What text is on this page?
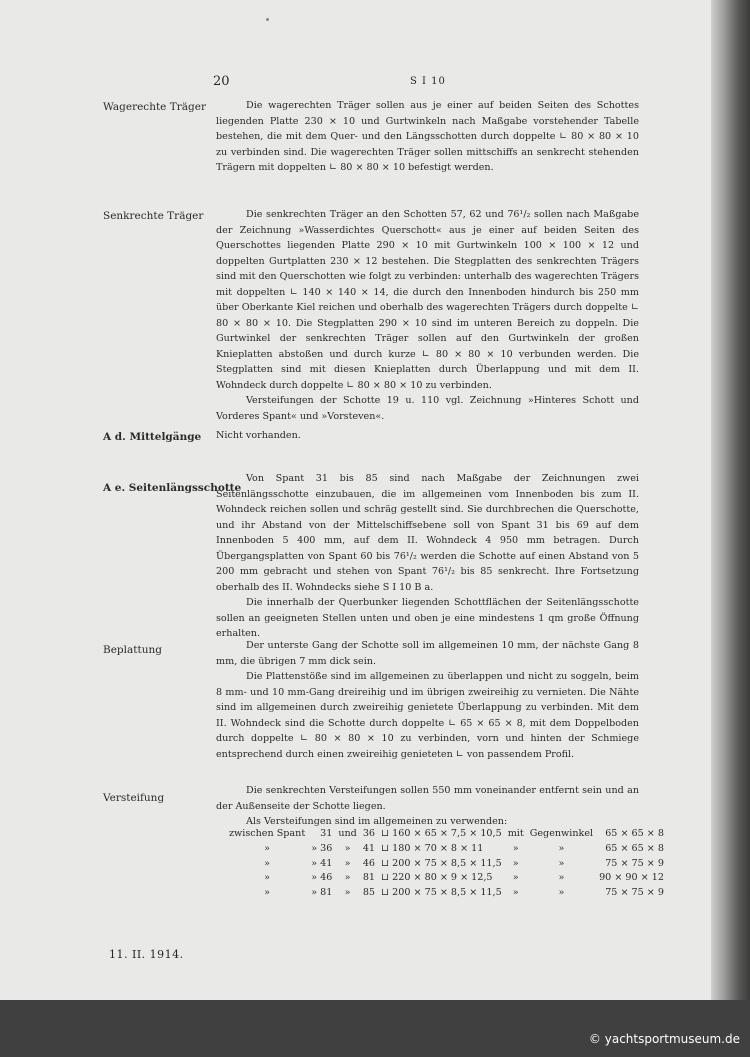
20	S I 10
Wagerechte Träger	Die wagerechten Träger sollen aus je einer auf beiden Seiten des Schottes liegenden Platte 230 × 10 und Gurtwinkeln nach Maßgabe vorstehender Tabelle bestehen, die mit dem Quer- und den Längsschotten durch doppelte ∟ 80 × 80 × 10 zu verbinden sind. Die wagerechten Träger sollen mittschiffs an senkrecht stehenden Trägern mit doppelten ∟ 80 × 80 × 10 befestigt werden.

Senkrechte Träger	Die senkrechten Träger an den Schotten 57, 62 und 76¹/₂ sollen nach Maßgabe der Zeichnung »Wasserdichtes Querschott« aus je einer auf beiden Seiten des Querschottes liegenden Platte 290 × 10 mit Gurtwinkeln 100 × 100 × 12 und doppelten Gurtplatten 230 × 12 bestehen. Die Stegplatten des senkrechten Trägers sind mit den Querschotten wie folgt zu verbinden: unterhalb des wagerechten Trägers mit doppelten ∟ 140 × 140 × 14, die durch den Innenboden hindurch bis 250 mm über Oberkante Kiel reichen und oberhalb des wagerechten Trägers durch doppelte ∟ 80 × 80 × 10. Die Stegplatten 290 × 10 sind im unteren Bereich zu doppeln. Die Gurtwinkel der senkrechten Träger sollen auf den Gurtwinkeln der großen Knieplatten abstoßen und durch kurze ∟ 80 × 80 × 10 verbunden werden. Die Stegplatten sind mit diesen Knieplatten durch Überlappung und mit dem II. Wohndeck durch doppelte ∟ 80 × 80 × 10 zu verbinden.

Versteifungen der Schotte 19 u. 110 vgl. Zeichnung »Hinteres Schott und Vorderes Spant« und »Vorsteven«.

A d. Mittelgänge Nicht vorhanden.

A e. Seitenlängsschotte

Von Spant 31 bis 85 sind nach Maßgabe der Zeichnungen zwei Seitenlängsschotte einzubauen, die im allgemeinen vom Innenboden bis zum II. Wohndeck reichen sollen und schräg gestellt sind. Sie durchbrechen die Querschotte, und ihr Abstand von der Mittelschiffsebene soll von Spant 31 bis 69 auf dem Innenboden 5 400 mm, auf dem II. Wohndeck 4 950 mm betragen. Durch Übergangsplatten von Spant 60 bis 76¹/₂ werden die Schotte auf einen Abstand von 5 200 mm gebracht und stehen von Spant 76¹/₂ bis 85 senkrecht. Ihre Fortsetzung oberhalb des II. Wohndecks siehe S I 10 B a.

Die innerhalb der Querbunker liegenden Schottflächen der Seitenlängsschotte sollen an geeigneten Stellen unten und oben je eine mindestens 1 qm große Öffnung erhalten.

Beplattung	Der unterste Gang der Schotte soll im allgemeinen 10 mm, der nächste Gang 8 mm, die übrigen 7 mm dick sein.

Die Plattenstöße sind im allgemeinen zu überlappen und nicht zu soggeln, beim 8 mm- und 10 mm-Gang dreireihig und im übrigen zweireihig zu vernieten. Die Nähte sind im allgemeinen durch zweireihig genietete Überlappung zu verbinden. Mit dem II. Wohndeck sind die Schotte durch doppelte ∟ 65 × 65 × 8, mit dem Doppelboden durch doppelte ∟ 80 × 80 × 10 zu verbinden, vorn und hinten der Schmiege entsprechend durch einen zweireihig genieteten ∟ von passendem Profil.

Versteifung

Die senkrechten Versteifungen sollen 550 mm voneinander entfernt sein und an der Außenseite der Schotte liegen.

Als Versteifungen sind im allgemeinen zu verwenden:

zwischen Spant	31	und	36	⊔ 160 × 65 × 7,5 × 10,5	mit	Gegenwinkel	65 × 65 × 8
»	» 36	»	41	⊔ 180 × 70 × 8 × 11	»	»	65 × 65 × 8
»	» 41	»	46	⊔ 200 × 75 × 8,5 × 11,5	»	»	75 × 75 × 9
»	» 46	»	81	⊔ 220 × 80 × 9 × 12,5	»	»	90 × 90 × 12
»	» 81	»	85	⊔ 200 × 75 × 8,5 × 11,5	»	»	75 × 75 × 9
11. II. 1914.
© yachtsportmuseum.de
